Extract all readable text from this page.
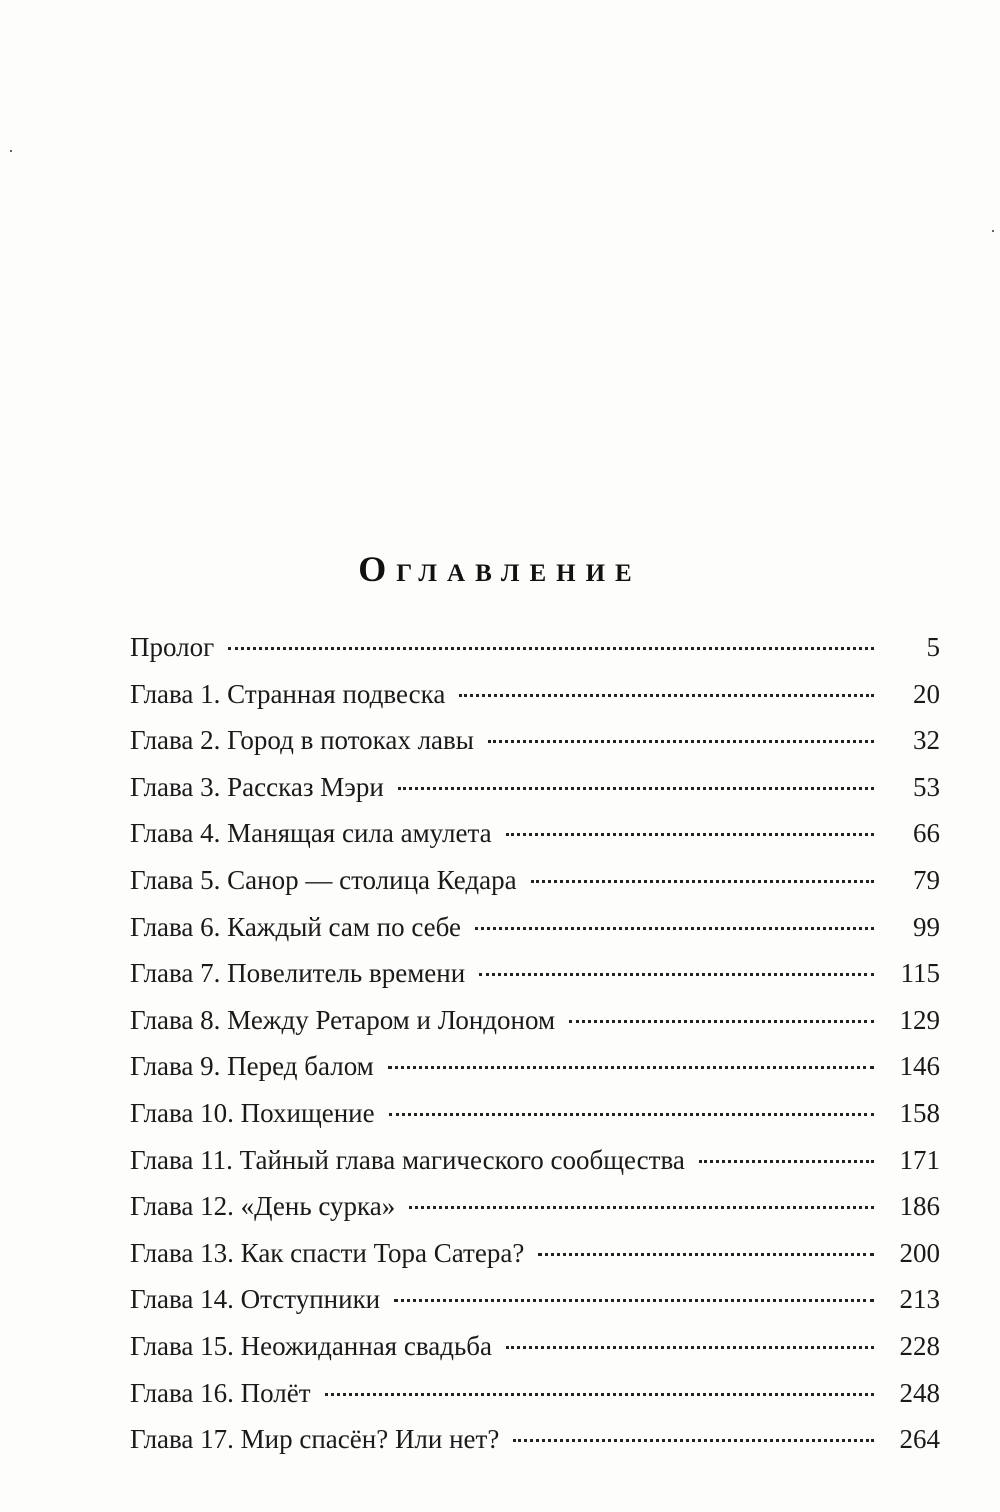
Оглавление
Пролог	5
Глава 1. Странная подвеска	20
Глава 2. Город в потоках лавы	32
Глава 3. Рассказ Мэри	53
Глава 4. Манящая сила амулета	66
Глава 5. Санор — столица Кедара	79
Глава 6. Каждый сам по себе	99
Глава 7. Повелитель времени	115
Глава 8. Между Ретаром и Лондоном	129
Глава 9. Перед балом	146
Глава 10. Похищение	158
Глава 11. Тайный глава магического сообщества	171
Глава 12. «День сурка»	186
Глава 13. Как спасти Тора Сатера?	200
Глава 14. Отступники	213
Глава 15. Неожиданная свадьба	228
Глава 16. Полёт	248
Глава 17. Мир спасён? Или нет?	264
